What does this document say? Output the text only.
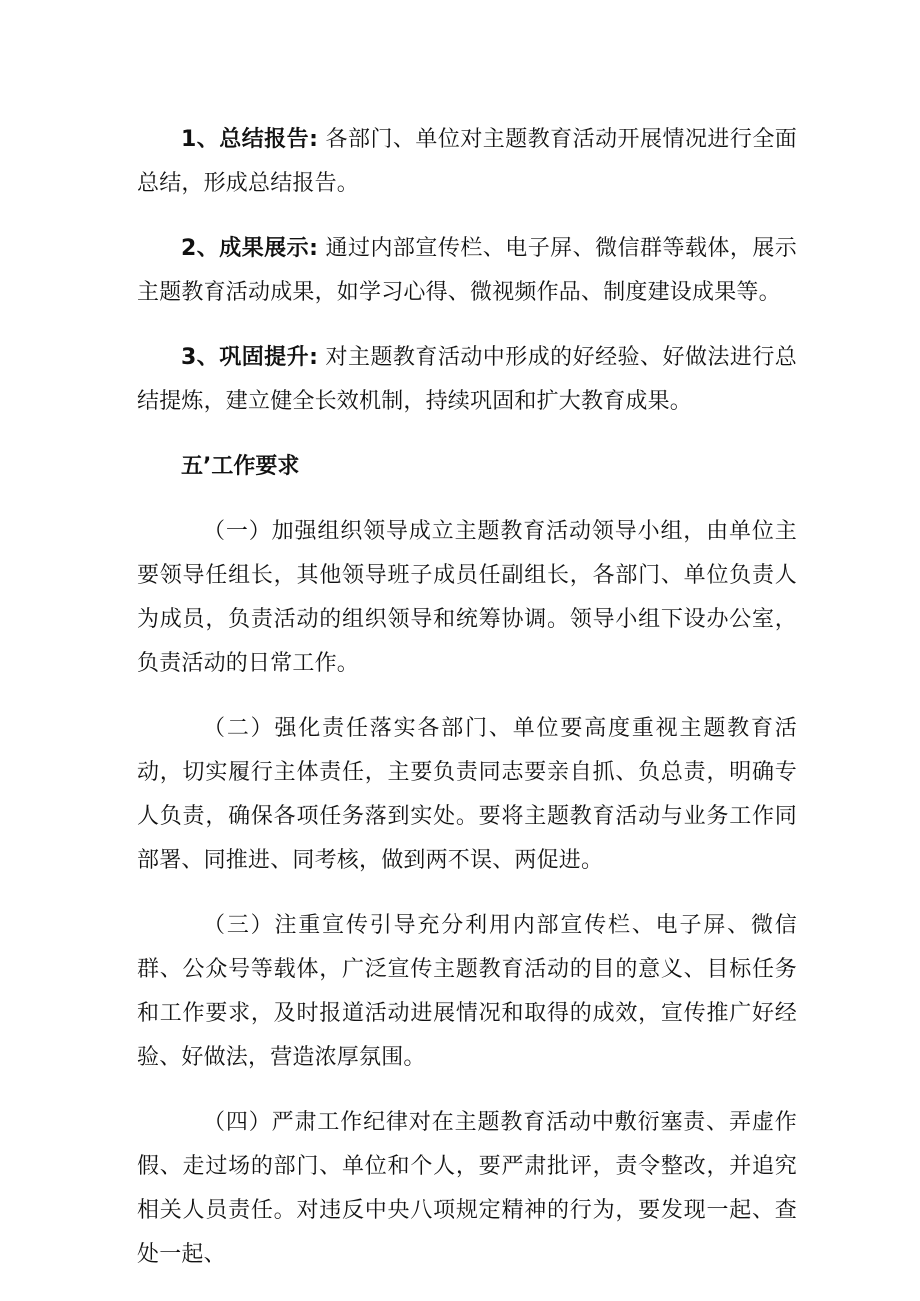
1、总结报告: 各部门、单位对主题教育活动开展情况进行全面总结，形成总结报告。

2、成果展示: 通过内部宣传栏、电子屏、微信群等载体，展示主题教育活动成果，如学习心得、微视频作品、制度建设成果等。

3、巩固提升: 对主题教育活动中形成的好经验、好做法进行总结提炼，建立健全长效机制，持续巩固和扩大教育成果。

五’工作要求

（一）加强组织领导成立主题教育活动领导小组，由单位主要领导任组长，其他领导班子成员任副组长，各部门、单位负责人为成员，负责活动的组织领导和统筹协调。领导小组下设办公室，负责活动的日常工作。

（二）强化责任落实各部门、单位要高度重视主题教育活动，切实履行主体责任，主要负责同志要亲自抓、负总责，明确专人负责，确保各项任务落到实处。要将主题教育活动与业务工作同部署、同推进、同考核，做到两不误、两促进。

（三）注重宣传引导充分利用内部宣传栏、电子屏、微信群、公众号等载体，广泛宣传主题教育活动的目的意义、目标任务和工作要求，及时报道活动进展情况和取得的成效，宣传推广好经验、好做法，营造浓厚氛围。

（四）严肃工作纪律对在主题教育活动中敷衍塞责、弄虚作假、走过场的部门、单位和个人，要严肃批评，责令整改，并追究相关人员责任。对违反中央八项规定精神的行为，要发现一起、查处一起、
